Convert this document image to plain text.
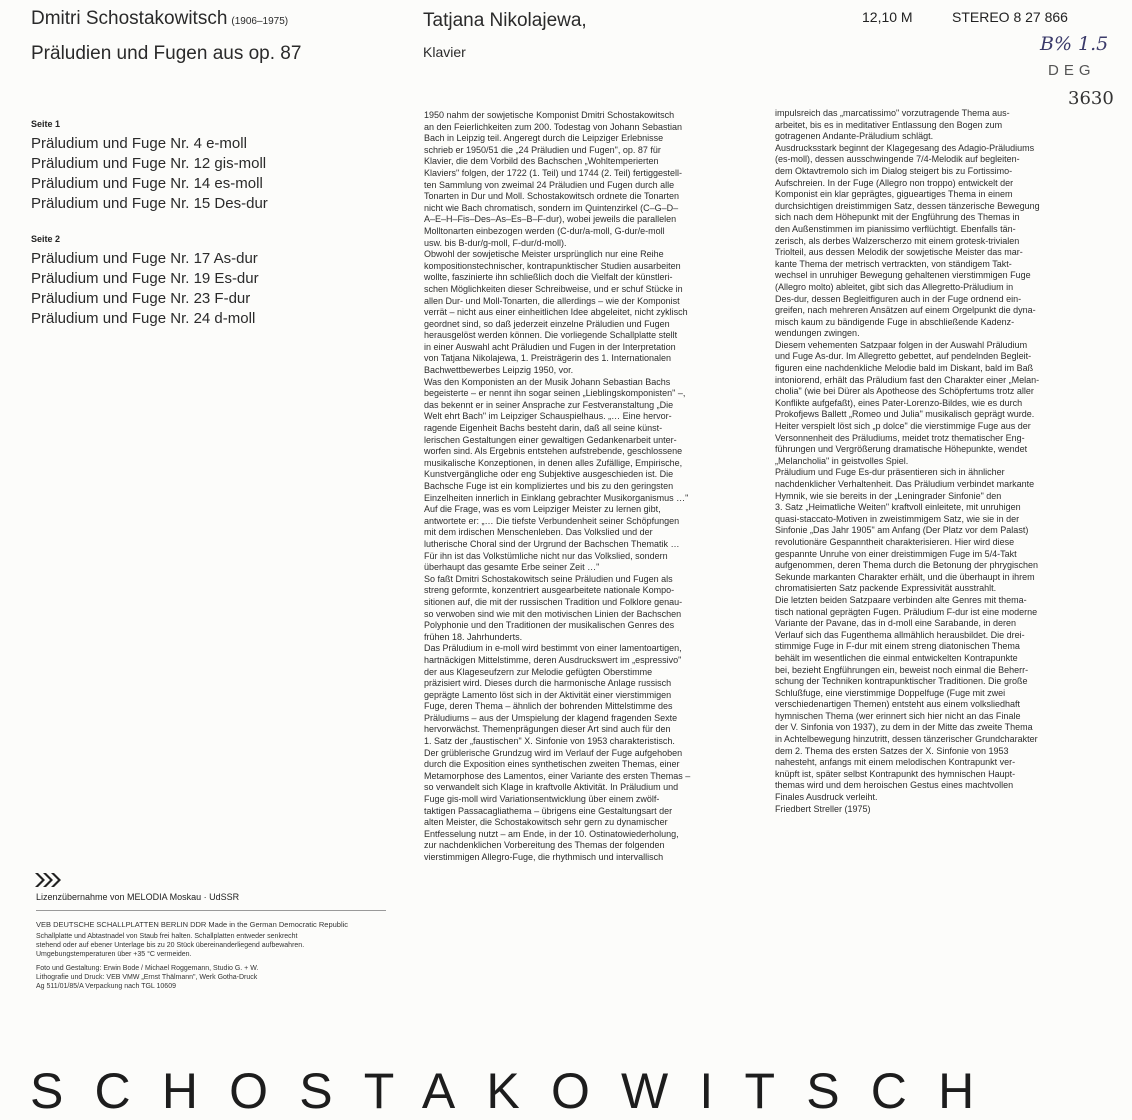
Dmitri Schostakowitsch (1906–1975)
Präludien und Fugen aus op. 87
Tatjana Nikolajewa,
Klavier
12,10 M	STEREO 8 27 866
B% 1.5
DEG
3630
Seite 1
Präludium und Fuge Nr. 4 e-moll
Präludium und Fuge Nr. 12 gis-moll
Präludium und Fuge Nr. 14 es-moll
Präludium und Fuge Nr. 15 Des-dur
Seite 2
Präludium und Fuge Nr. 17 As-dur
Präludium und Fuge Nr. 19 Es-dur
Präludium und Fuge Nr. 23 F-dur
Präludium und Fuge Nr. 24 d-moll
1950 nahm der sowjetische Komponist Dmitri Schostakowitsch
an den Feierlichkeiten zum 200. Todestag von Johann Sebastian
Bach in Leipzig teil. Angeregt durch die Leipziger Erlebnisse
schrieb er 1950/51 die „24 Präludien und Fugen", op. 87 für
Klavier, die dem Vorbild des Bachschen „Wohltemperierten
Klaviers" folgen, der 1722 (1. Teil) und 1744 (2. Teil) fertiggestell-
ten Sammlung von zweimal 24 Präludien und Fugen durch alle
Tonarten in Dur und Moll. Schostakowitsch ordnete die Tonarten
nicht wie Bach chromatisch, sondern im Quintenzirkel (C–G–D–
A–E–H–Fis–Des–As–Es–B–F-dur), wobei jeweils die parallelen
Molltonarten einbezogen werden (C-dur/a-moll, G-dur/e-moll
usw. bis B-dur/g-moll, F-dur/d-moll).
Obwohl der sowjetische Meister ursprünglich nur eine Reihe
kompositionstechnischer, kontrapunktischer Studien ausarbeiten
wollte, faszinierte ihn schließlich doch die Vielfalt der künstleri-
schen Möglichkeiten dieser Schreibweise, und er schuf Stücke in
allen Dur- und Moll-Tonarten, die allerdings – wie der Komponist
verrät – nicht aus einer einheitlichen Idee abgeleitet, nicht zyklisch
geordnet sind, so daß jederzeit einzelne Präludien und Fugen
herausgelöst werden können. Die vorliegende Schallplatte stellt
in einer Auswahl acht Präludien und Fugen in der Interpretation
von Tatjana Nikolajewa, 1. Preisträgerin des 1. Internationalen
Bachwettbewerbes Leipzig 1950, vor.
Was den Komponisten an der Musik Johann Sebastian Bachs
begeisterte – er nennt ihn sogar seinen „Lieblingskomponisten" –,
das bekennt er in seiner Ansprache zur Festveranstaltung „Die
Welt ehrt Bach" im Leipziger Schauspielhaus. „… Eine hervor-
ragende Eigenheit Bachs besteht darin, daß all seine künst-
lerischen Gestaltungen einer gewaltigen Gedankenarbeit unter-
worfen sind. Als Ergebnis entstehen aufstrebende, geschlossene
musikalische Konzeptionen, in denen alles Zufällige, Empirische,
Kunstvergängliche oder eng Subjektive ausgeschieden ist. Die
Bachsche Fuge ist ein kompliziertes und bis zu den geringsten
Einzelheiten innerlich in Einklang gebrachter Musikorganismus …"
Auf die Frage, was es vom Leipziger Meister zu lernen gibt,
antwortete er: „… Die tiefste Verbundenheit seiner Schöpfungen
mit dem irdischen Menschenleben. Das Volkslied und der
lutherische Choral sind der Urgrund der Bachschen Thematik …
Für ihn ist das Volkstümliche nicht nur das Volkslied, sondern
überhaupt das gesamte Erbe seiner Zeit …"
So faßt Dmitri Schostakowitsch seine Präludien und Fugen als
streng geformte, konzentriert ausgearbeitete nationale Kompo-
sitionen auf, die mit der russischen Tradition und Folklore genau-
so verwoben sind wie mit den motivischen Linien der Bachschen
Polyphonie und den Traditionen der musikalischen Genres des
frühen 18. Jahrhunderts.
Das Präludium in e-moll wird bestimmt von einer lamentoartigen,
hartnäckigen Mittelstimme, deren Ausdruckswert im „espressivo"
der aus Klageseufzern zur Melodie gefügten Oberstimme
präzisiert wird. Dieses durch die harmonische Anlage russisch
geprägte Lamento löst sich in der Aktivität einer vierstimmigen
Fuge, deren Thema – ähnlich der bohrenden Mittelstimme des
Präludiums – aus der Umspielung der klagend fragenden Sexte
hervorwächst. Themenprägungen dieser Art sind auch für den
1. Satz der „faustischen" X. Sinfonie von 1953 charakteristisch.
Der grüblerische Grundzug wird im Verlauf der Fuge aufgehoben
durch die Exposition eines synthetischen zweiten Themas, einer
Metamorphose des Lamentos, einer Variante des ersten Themas –
so verwandelt sich Klage in kraftvolle Aktivität. In Präludium und
Fuge gis-moll wird Variationsentwicklung über einem zwölf-
taktigen Passacagliathema – übrigens eine Gestaltungsart der
alten Meister, die Schostakowitsch sehr gern zu dynamischer
Entfesselung nutzt – am Ende, in der 10. Ostinatowiederholung,
zur nachdenklichen Vorbereitung des Themas der folgenden
vierstimmigen Allegro-Fuge, die rhythmisch und intervallisch
impulsreich das „marcatissimo" vorzutragende Thema aus-
arbeitet, bis es in meditativer Entlassung den Bogen zum
gotragenen Andante-Präludium schlägt.
Ausdrucksstark beginnt der Klagegesang des Adagio-Präludiums
(es-moll), dessen ausschwingende 7/4-Melodik auf begleiten-
dem Oktavtremolo sich im Dialog steigert bis zu Fortissimo-
Aufschreien. In der Fuge (Allegro non troppo) entwickelt der
Komponist ein klar geprägtes, gigueartiges Thema in einem
durchsichtigen dreistimmigen Satz, dessen tänzerische Bewegung
sich nach dem Höhepunkt mit der Engführung des Themas in
den Außenstimmen im pianissimo verflüchtigt. Ebenfalls tän-
zerisch, als derbes Walzerscherzo mit einem grotesk-trivialen
Triolteil, aus dessen Melodik der sowjetische Meister das mar-
kante Thema der metrisch vertrackten, von ständigem Takt-
wechsel in unruhiger Bewegung gehaltenen vierstimmigen Fuge
(Allegro molto) ableitet, gibt sich das Allegretto-Präludium in
Des-dur, dessen Begleitfiguren auch in der Fuge ordnend ein-
greifen, nach mehreren Ansätzen auf einem Orgelpunkt die dyna-
misch kaum zu bändigende Fuge in abschließende Kadenz-
wendungen zwingen.
Diesem vehementen Satzpaar folgen in der Auswahl Präludium
und Fuge As-dur. Im Allegretto gebettet, auf pendelnden Begleit-
figuren eine nachdenkliche Melodie bald im Diskant, bald im Baß
intoniorend, erhält das Präludium fast den Charakter einer „Melan-
cholia" (wie bei Dürer als Apotheose des Schöpfertums trotz aller
Konflikte aufgefaßt), eines Pater-Lorenzo-Bildes, wie es durch
Prokofjews Ballett „Romeo und Julia" musikalisch geprägt wurde.
Heiter verspielt löst sich „p dolce" die vierstimmige Fuge aus der
Versonnenheit des Präludiums, meidet trotz thematischer Eng-
führungen und Vergrößerung dramatische Höhepunkte, wendet
„Melancholia" in geistvolles Spiel.
Präludium und Fuge Es-dur präsentieren sich in ähnlicher
nachdenklicher Verhaltenheit. Das Präludium verbindet markante
Hymnik, wie sie bereits in der „Leningrader Sinfonie" den
3. Satz „Heimatliche Weiten" kraftvoll einleitete, mit unruhigen
quasi-staccato-Motiven in zweistimmigem Satz, wie sie in der
Sinfonie „Das Jahr 1905" am Anfang (Der Platz vor dem Palast)
revolutionäre Gespanntheit charakterisieren. Hier wird diese
gespannte Unruhe von einer dreistimmigen Fuge im 5/4-Takt
aufgenommen, deren Thema durch die Betonung der phrygischen
Sekunde markanten Charakter erhält, und die überhaupt in ihrem
chromatisierten Satz packende Expressivität ausstrahlt.
Die letzten beiden Satzpaare verbinden alte Genres mit thema-
tisch national geprägten Fugen. Präludium F-dur ist eine moderne
Variante der Pavane, das in d-moll eine Sarabande, in deren
Verlauf sich das Fugenthema allmählich herausbildet. Die drei-
stimmige Fuge in F-dur mit einem streng diatonischen Thema
behält im wesentlichen die einmal entwickelten Kontrapunkte
bei, bezieht Engführungen ein, beweist noch einmal die Beherr-
schung der Techniken kontrapunktischer Traditionen. Die große
Schlußfuge, eine vierstimmige Doppelfuge (Fuge mit zwei
verschiedenartigen Themen) entsteht aus einem volksliedhaft
hymnischen Thema (wer erinnert sich hier nicht an das Finale
der V. Sinfonia von 1937), zu dem in der Mitte das zweite Thema
in Achtelbewegung hinzutritt, dessen tänzerischer Grundcharakter
dem 2. Thema des ersten Satzes der X. Sinfonie von 1953
nahesteht, anfangs mit einem melodischen Kontrapunkt ver-
knüpft ist, später selbst Kontrapunkt des hymnischen Haupt-
themas wird und dem heroischen Gestus eines machtvollen
Finales Ausdruck verleiht.
Friedbert Streller (1975)
Lizenzübernahme von MELODIA Moskau · UdSSR
VEB DEUTSCHE SCHALLPLATTEN BERLIN DDR Made in the German Democratic Republic
Schallplatte und Abtastnadel von Staub frei halten. Schallplatten entweder senkrecht
stehend oder auf ebener Unterlage bis zu 20 Stück übereinanderliegend aufbewahren.
Umgebungstemperaturen über +35 °C vermeiden.
Foto und Gestaltung: Erwin Bode / Michael Roggemann, Studio G. + W.
Lithografie und Druck: VEB VMW „Ernst Thälmann", Werk Gotha-Druck
Ag 511/01/85/A Verpackung nach TGL 10609
SCHOSTAKOWITSCH
